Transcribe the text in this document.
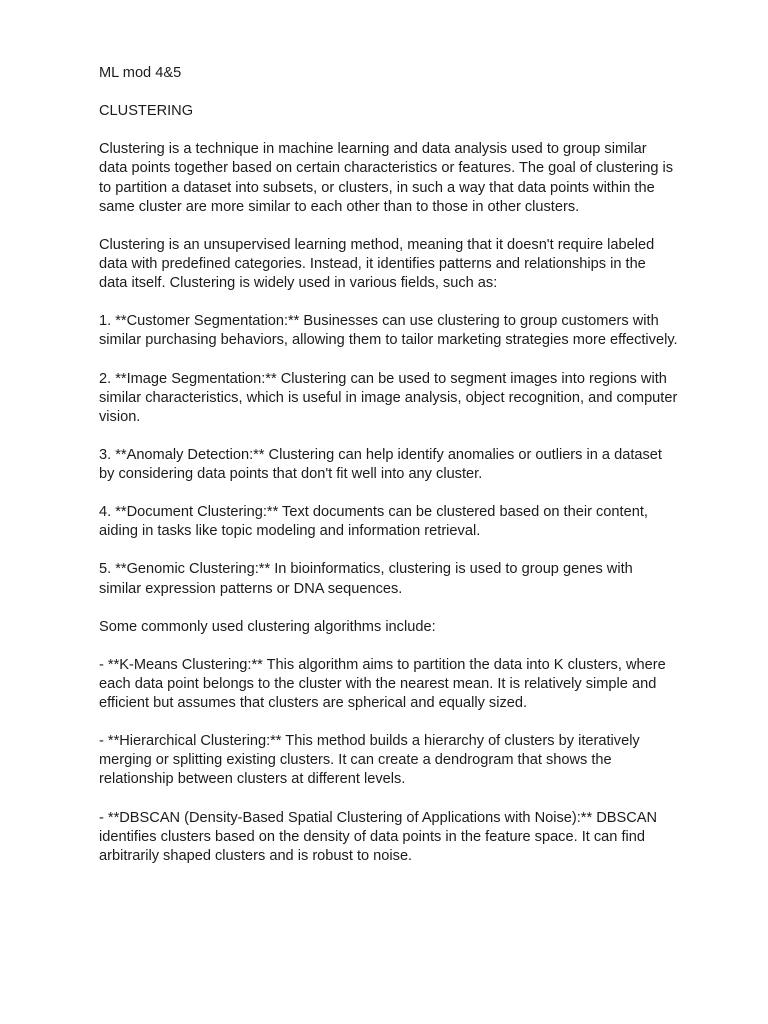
ML mod 4&5

CLUSTERING

Clustering is a technique in machine learning and data analysis used to group similar data points together based on certain characteristics or features. The goal of clustering is to partition a dataset into subsets, or clusters, in such a way that data points within the same cluster are more similar to each other than to those in other clusters.

Clustering is an unsupervised learning method, meaning that it doesn't require labeled data with predefined categories. Instead, it identifies patterns and relationships in the data itself. Clustering is widely used in various fields, such as:

1. **Customer Segmentation:** Businesses can use clustering to group customers with similar purchasing behaviors, allowing them to tailor marketing strategies more effectively.

2. **Image Segmentation:** Clustering can be used to segment images into regions with similar characteristics, which is useful in image analysis, object recognition, and computer vision.

3. **Anomaly Detection:** Clustering can help identify anomalies or outliers in a dataset by considering data points that don't fit well into any cluster.

4. **Document Clustering:** Text documents can be clustered based on their content, aiding in tasks like topic modeling and information retrieval.

5. **Genomic Clustering:** In bioinformatics, clustering is used to group genes with similar expression patterns or DNA sequences.

Some commonly used clustering algorithms include:

- **K-Means Clustering:** This algorithm aims to partition the data into K clusters, where each data point belongs to the cluster with the nearest mean. It is relatively simple and efficient but assumes that clusters are spherical and equally sized.

- **Hierarchical Clustering:** This method builds a hierarchy of clusters by iteratively merging or splitting existing clusters. It can create a dendrogram that shows the relationship between clusters at different levels.

- **DBSCAN (Density-Based Spatial Clustering of Applications with Noise):** DBSCAN identifies clusters based on the density of data points in the feature space. It can find arbitrarily shaped clusters and is robust to noise.
